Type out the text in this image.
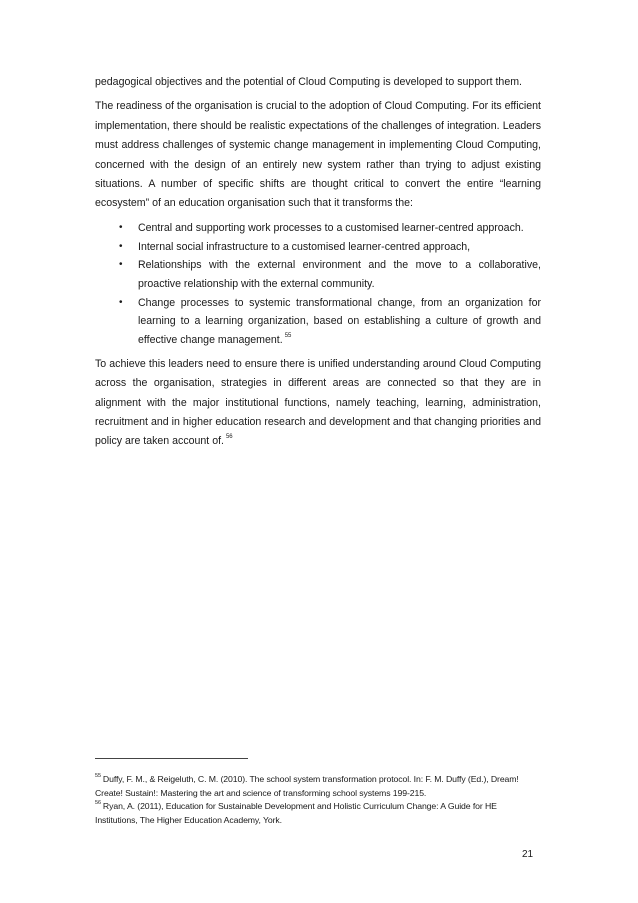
pedagogical objectives and the potential of Cloud Computing is developed to support them.

The readiness of the organisation is crucial to the adoption of Cloud Computing. For its efficient implementation, there should be realistic expectations of the challenges of integration. Leaders must address challenges of systemic change management in implementing Cloud Computing, concerned with the design of an entirely new system rather than trying to adjust existing situations. A number of specific shifts are thought critical to convert the entire “learning ecosystem” of an education organisation such that it transforms the:

• Central and supporting work processes to a customised learner-centred approach.
• Internal social infrastructure to a customised learner-centred approach,
• Relationships with the external environment and the move to a collaborative, proactive relationship with the external community.
• Change processes to systemic transformational change, from an organization for learning to a learning organization, based on establishing a culture of growth and effective change management. $^{55}$

To achieve this leaders need to ensure there is unified understanding around Cloud Computing across the organisation, strategies in different areas are connected so that they are in alignment with the major institutional functions, namely teaching, learning, administration, recruitment and in higher education research and development and that changing priorities and policy are taken account of. $^{56}$

$^{55}$ Duffy, F. M., & Reigeluth, C. M. (2010). The school system transformation protocol. In: F. M. Duffy (Ed.), Dream! Create! Sustain!: Mastering the art and science of transforming school systems 199-215.

$^{56}$ Ryan, A. (2011), Education for Sustainable Development and Holistic Curriculum Change: A Guide for HE Institutions, The Higher Education Academy, York.

21
